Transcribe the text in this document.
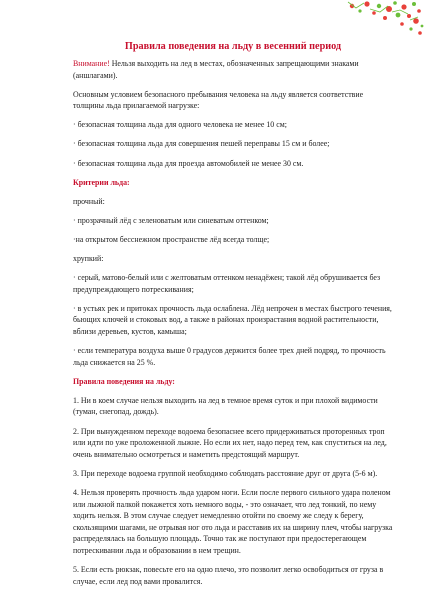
Правила поведения на льду в весенний период

Внимание! Нельзя выходить на лед в местах, обозначенных запрещающими знаками (аншлагами).

Основным условием безопасного пребывания человека на льду является соответствие толщины льда прилагаемой нагрузке:

· безопасная толщина льда для одного человека не менее 10 см;

· безопасная толщина льда для совершения пешей переправы 15 см и более;

· безопасная толщина льда для проезда автомобилей не менее 30 см.

Критерии льда:

прочный:

· прозрачный лёд с зеленоватым или синеватым оттенком;

·на открытом бесснежном пространстве лёд всегда толще;

хрупкий:

· серый, матово-белый или с желтоватым оттенком ненадёжен; такой лёд обрушивается без предупреждающего потрескивания;

· в устьях рек и притоках прочность льда ослаблена. Лёд непрочен в местах быстрого течения, бьющих ключей и стоковых вод, а также в районах произрастания водной растительности, вблизи деревьев, кустов, камыша;

· если температура воздуха выше 0 градусов держится более трех дней подряд, то прочность льда снижается на 25 %.

Правила поведения на льду:

1. Ни в коем случае нельзя выходить на лед в темное время суток и при плохой видимости (туман, снегопад, дождь).

2. При вынужденном переходе водоема безопаснее всего придерживаться проторенных троп или идти по уже проложенной лыжне. Но если их нет, надо перед тем, как спуститься на лед, очень внимательно осмотреться и наметить предстоящий маршрут.

3. При переходе водоема группой необходимо соблюдать расстояние друг от друга (5-6 м).

4. Нельзя проверять прочность льда ударом ноги. Если после первого сильного удара поленом или лыжной палкой покажется хоть немного воды, - это означает, что лед тонкий, по нему ходить нельзя. В этом случае следует немедленно отойти по своему же следу к берегу, скользящими шагами, не отрывая ног ото льда и расставив их на ширину плеч, чтобы нагрузка распределялась на большую площадь. Точно так же поступают при предостерегающем потрескивании льда и образовании в нем трещин.

5. Если есть рюкзак, повесьте его на одно плечо, это позволит легко освободиться от груза в случае, если лед под вами провалится.
